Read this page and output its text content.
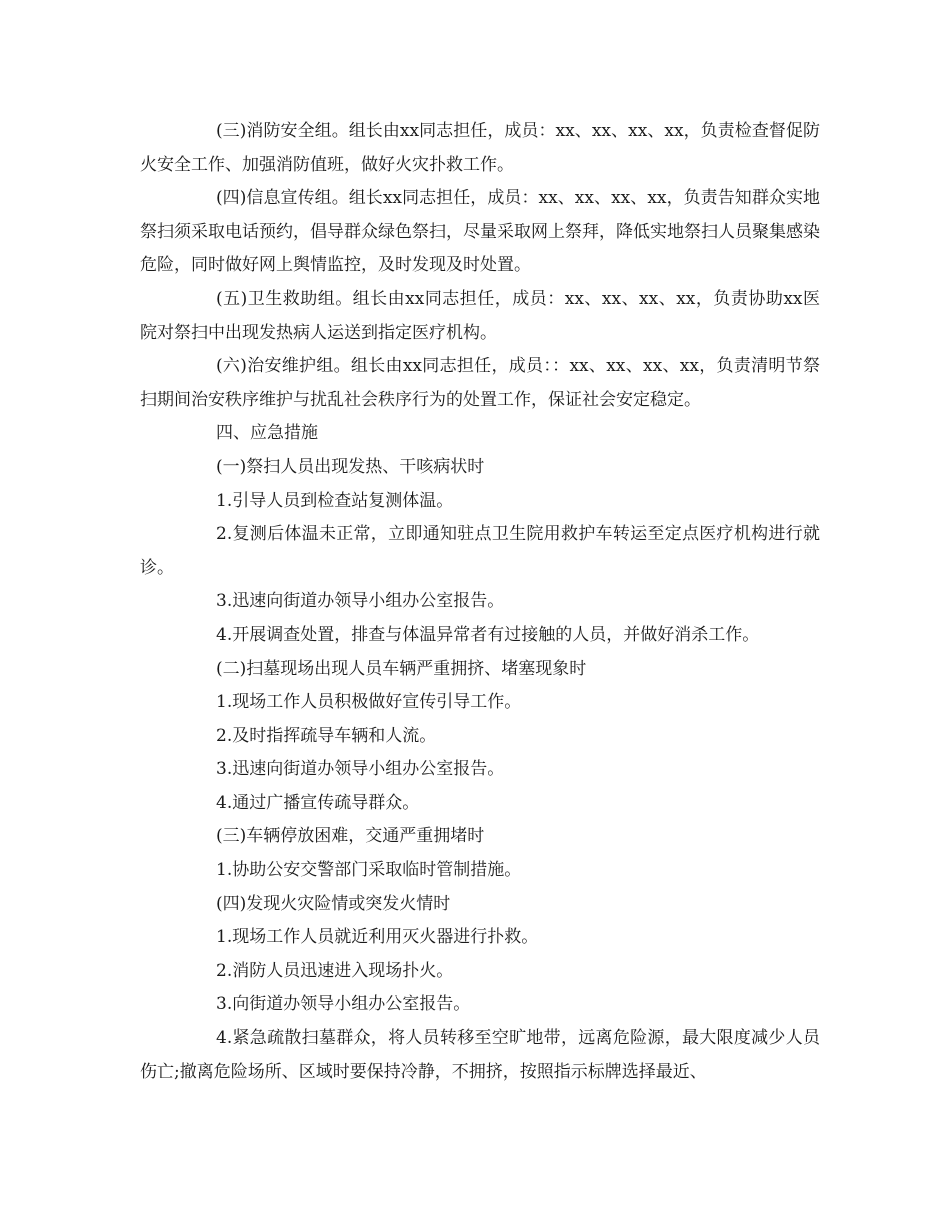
(三)消防安全组。组长由xx同志担任，成员：xx、xx、xx、xx，负责检查督促防火安全工作、加强消防值班，做好火灾扑救工作。

(四)信息宣传组。组长xx同志担任，成员：xx、xx、xx、xx，负责告知群众实地祭扫须采取电话预约，倡导群众绿色祭扫，尽量采取网上祭拜，降低实地祭扫人员聚集感染危险，同时做好网上舆情监控，及时发现及时处置。

(五)卫生救助组。组长由xx同志担任，成员：xx、xx、xx、xx，负责协助xx医院对祭扫中出现发热病人运送到指定医疗机构。

(六)治安维护组。组长由xx同志担任，成员：：xx、xx、xx、xx，负责清明节祭扫期间治安秩序维护与扰乱社会秩序行为的处置工作，保证社会安定稳定。

四、应急措施

(一)祭扫人员出现发热、干咳病状时

1.引导人员到检查站复测体温。

2.复测后体温未正常，立即通知驻点卫生院用救护车转运至定点医疗机构进行就诊。

3.迅速向街道办领导小组办公室报告。

4.开展调查处置，排查与体温异常者有过接触的人员，并做好消杀工作。

(二)扫墓现场出现人员车辆严重拥挤、堵塞现象时

1.现场工作人员积极做好宣传引导工作。

2.及时指挥疏导车辆和人流。

3.迅速向街道办领导小组办公室报告。

4.通过广播宣传疏导群众。

(三)车辆停放困难，交通严重拥堵时

1.协助公安交警部门采取临时管制措施。

(四)发现火灾险情或突发火情时

1.现场工作人员就近利用灭火器进行扑救。

2.消防人员迅速进入现场扑火。

3.向街道办领导小组办公室报告。

4.紧急疏散扫墓群众，将人员转移至空旷地带，远离危险源，最大限度减少人员伤亡;撤离危险场所、区域时要保持冷静，不拥挤，按照指示标牌选择最近、
